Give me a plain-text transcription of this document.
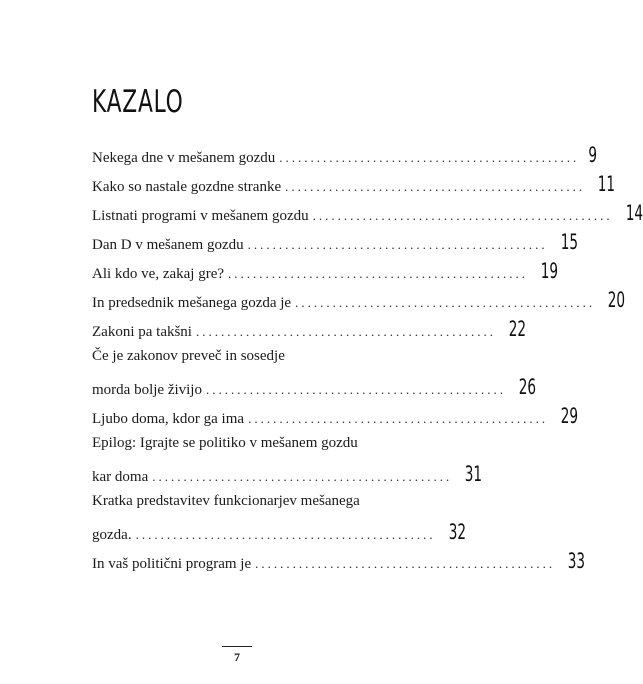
KAZALO
Nekega dne v mešanem gozdu ................................................ 9
Kako so nastale gozdne stranke ................................................ 11
Listnati programi v mešanem gozdu ................................................ 14
Dan D v mešanem gozdu ................................................ 15
Ali kdo ve, zakaj gre? ................................................ 19
In predsednik mešanega gozda je ................................................ 20
Zakoni pa takšni ................................................ 22
Če je zakonov preveč in sosedje
morda bolje živijo ................................................ 26
Ljubo doma, kdor ga ima ................................................ 29
Epilog: Igrajte se politiko v mešanem gozdu
kar doma ................................................ 31
Kratka predstavitev funkcionarjev mešanega
gozda. ................................................ 32
In vaš politični program je ................................................ 33
7
